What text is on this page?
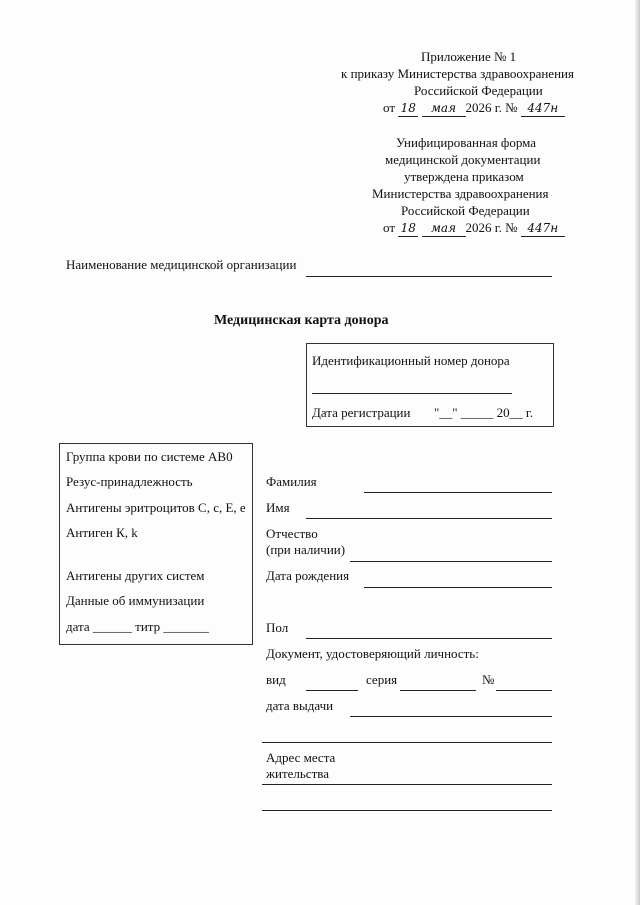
Приложение № 1
к приказу Министерства здравоохранения
Российской Федерации
от 18 мая 2026 г. № 447н
Унифицированная форма
медицинской документации
утверждена приказом
Министерства здравоохранения
Российской Федерации
от 18 мая 2026 г. № 447н
Наименование медицинской организации
Медицинская карта донора
Идентификационный номер донора
Дата регистрации "__" _____ 20__ г.
Группа крови по системе АВ0
Резус-принадлежность
Антигены эритроцитов С, с, Е, е
Антиген К, k
Антигены других систем
Данные об иммунизации
дата ______ титр _______
Фамилия
Имя
Отчество
(при наличии)
Дата рождения
Пол
Документ, удостоверяющий личность:
вид	серия	№
дата выдачи
Адрес места
жительства
